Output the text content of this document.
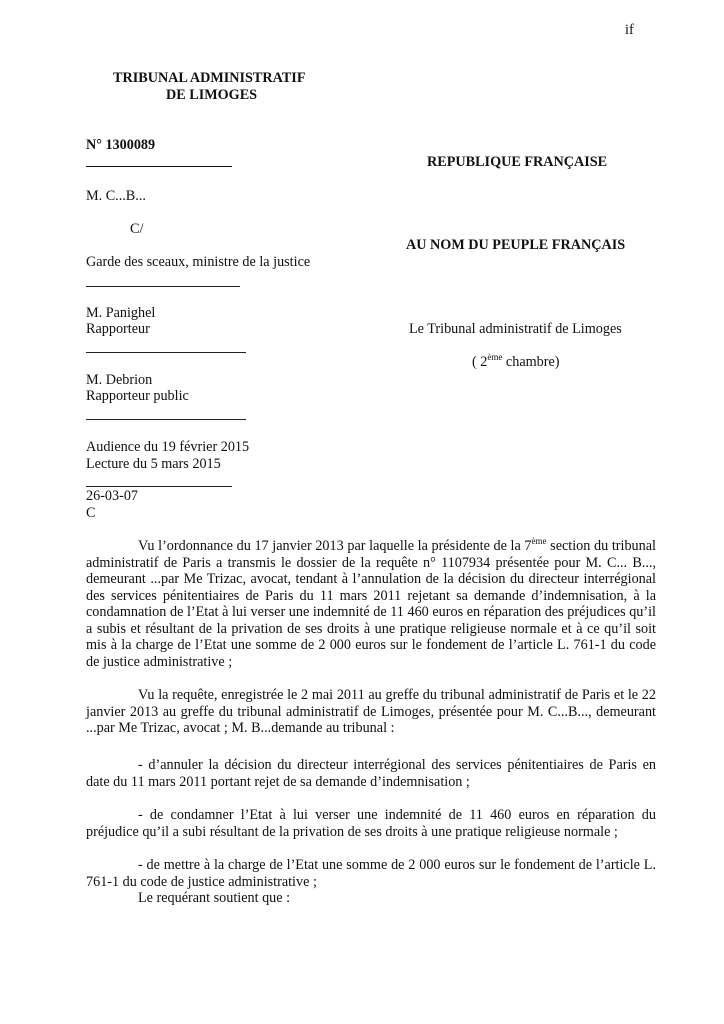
if
TRIBUNAL ADMINISTRATIF
DE LIMOGES
N° 1300089
M. C...B...
C/
Garde des sceaux, ministre de la justice
M. Panighel
Rapporteur
M. Debrion
Rapporteur public
Audience du 19 février 2015
Lecture du 5 mars 2015
26-03-07
C
REPUBLIQUE FRANÇAISE
AU NOM DU PEUPLE FRANÇAIS
Le Tribunal administratif de Limoges
( 2ème chambre)

Vu l’ordonnance du 17 janvier 2013 par laquelle la présidente de la 7ème section du tribunal administratif de Paris a transmis le dossier de la requête n° 1107934 présentée pour M. C... B..., demeurant ...par Me Trizac, avocat, tendant à l’annulation de la décision du directeur interrégional des services pénitentiaires de Paris du 11 mars 2011 rejetant sa demande d’indemnisation, à la condamnation de l’Etat à lui verser une indemnité de 11 460 euros en réparation des préjudices qu’il a subis et résultant de la privation de ses droits à une pratique religieuse normale et à ce qu’il soit mis à la charge de l’Etat une somme de 2 000 euros sur le fondement de l’article L. 761-1 du code de justice administrative ;

Vu la requête, enregistrée le 2 mai 2011 au greffe du tribunal administratif de Paris et le 22 janvier 2013 au greffe du tribunal administratif de Limoges, présentée pour M. C...B..., demeurant ...par Me Trizac, avocat ; M. B...demande au tribunal :

- d’annuler la décision du directeur interrégional des services pénitentiaires de Paris en date du 11 mars 2011 portant rejet de sa demande d’indemnisation ;

- de condamner l’Etat à lui verser une indemnité de 11 460 euros en réparation du préjudice qu’il a subi résultant de la privation de ses droits à une pratique religieuse normale ;

- de mettre à la charge de l’Etat une somme de 2 000 euros sur le fondement de l’article L. 761-1 du code de justice administrative ;

Le requérant soutient que :
